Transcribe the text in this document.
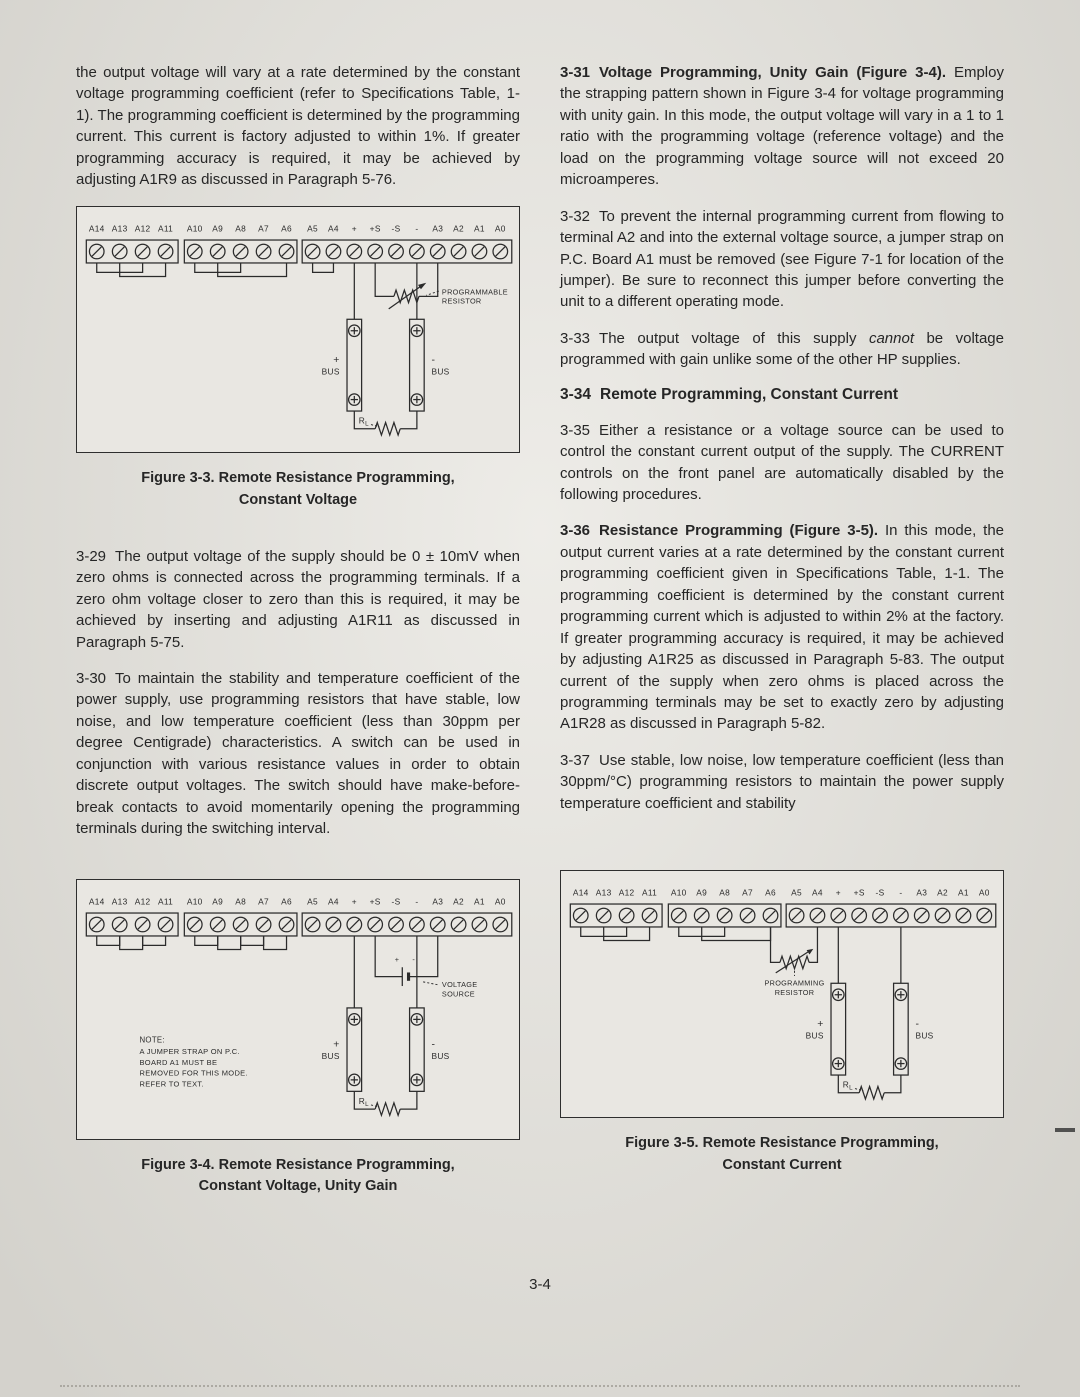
the output voltage will vary at a rate determined by the constant voltage programming coefficient (refer to Specifications Table, 1-1). The programming coefficient is determined by the programming current. This current is factory adjusted to within 1%. If greater programming accuracy is required, it may be achieved by adjusting A1R9 as discussed in Paragraph 5-76.

A14 A13 A12 A11 A10 A9 A8 A7 A6 A5 A4 + +S -S - A3 A2 A1 A0
PROGRAMMABLE
RESISTOR
+
BUS
-
BUS
$R_L$
Figure 3-3. Remote Resistance Programming,
Constant Voltage

3-29 The output voltage of the supply should be 0 ± 10mV when zero ohms is connected across the programming terminals. If a zero ohm voltage closer to zero than this is required, it may be achieved by inserting and adjusting A1R11 as discussed in Paragraph 5-75.

3-30 To maintain the stability and temperature coefficient of the power supply, use programming resistors that have stable, low noise, and low temperature coefficient (less than 30ppm per degree Centigrade) characteristics. A switch can be used in conjunction with various resistance values in order to obtain discrete output voltages. The switch should have make-before-break contacts to avoid momentarily opening the programming terminals during the switching interval.

A14 A13 A12 A11 A10 A9 A8 A7 A6 A5 A4 + +S -S - A3 A2 A1 A0
+ -
VOLTAGE
SOURCE
NOTE:
A JUMPER STRAP ON P.C.
BOARD A1 MUST BE
REMOVED FOR THIS MODE.
REFER TO TEXT.
+
BUS
-
BUS
$R_L$
Figure 3-4. Remote Resistance Programming,
Constant Voltage, Unity Gain

3-31 Voltage Programming, Unity Gain (Figure 3-4). Employ the strapping pattern shown in Figure 3-4 for voltage programming with unity gain. In this mode, the output voltage will vary in a 1 to 1 ratio with the programming voltage (reference voltage) and the load on the programming voltage source will not exceed 20 microamperes.

3-32 To prevent the internal programming current from flowing to terminal A2 and into the external voltage source, a jumper strap on P.C. Board A1 must be removed (see Figure 7-1 for location of the jumper). Be sure to reconnect this jumper before converting the unit to a different operating mode.

3-33 The output voltage of this supply cannot be voltage programmed with gain unlike some of the other HP supplies.

3-34 Remote Programming, Constant Current

3-35 Either a resistance or a voltage source can be used to control the constant current output of the supply. The CURRENT controls on the front panel are automatically disabled by the following procedures.

3-36 Resistance Programming (Figure 3-5). In this mode, the output current varies at a rate determined by the constant current programming coefficient given in Specifications Table, 1-1. The programming coefficient is determined by the constant current programming current which is adjusted to within 2% at the factory. If greater programming accuracy is required, it may be achieved by adjusting A1R25 as discussed in Paragraph 5-83. The output current of the supply when zero ohms is placed across the programming terminals may be set to exactly zero by adjusting A1R28 as discussed in Paragraph 5-82.

3-37 Use stable, low noise, low temperature coefficient (less than 30ppm/°C) programming resistors to maintain the power supply temperature coefficient and stability

A14 A13 A12 A11 A10 A9 A8 A7 A6 A5 A4 + +S -S - A3 A2 A1 A0
PROGRAMMING
RESISTOR
+
BUS
-
BUS
$R_L$
Figure 3-5. Remote Resistance Programming,
Constant Current
3-4
